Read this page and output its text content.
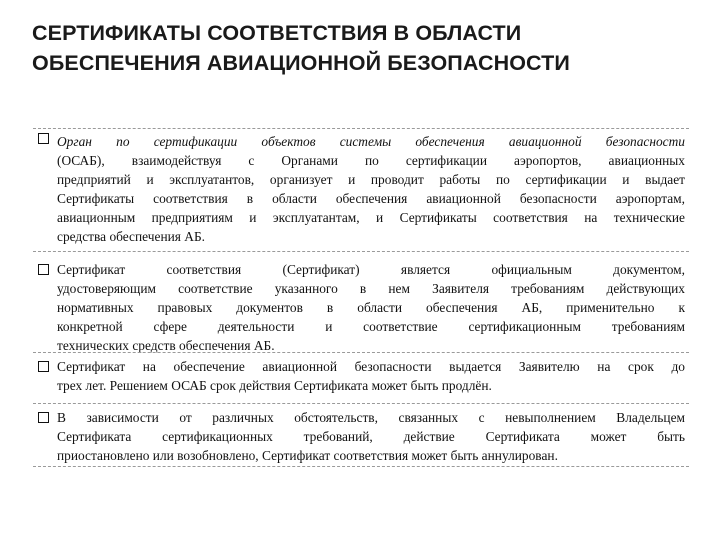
СЕРТИФИКАТЫ СООТВЕТСТВИЯ В ОБЛАСТИ
ОБЕСПЕЧЕНИЯ АВИАЦИОННОЙ БЕЗОПАСНОСТИ
Орган по сертификации объектов системы обеспечения авиационной безопасности
(ОСАБ), взаимодействуя с Органами по сертификации аэропортов, авиационных
предприятий и эксплуатантов, организует и проводит работы по сертификации и выдает
Сертификаты соответствия в области обеспечения авиационной безопасности аэропортам,
авиационным предприятиям и эксплуатантам, и Сертификаты соответствия на технические
средства обеспечения АБ.
Сертификат соответствия (Сертификат) является официальным документом,
удостоверяющим соответствие указанного в нем Заявителя требованиям действующих
нормативных правовых документов в области обеспечения АБ, применительно к
конкретной сфере деятельности и соответствие сертификационным требованиям
технических средств обеспечения АБ.
Сертификат на обеспечение авиационной безопасности выдается Заявителю на срок до
трех лет. Решением ОСАБ срок действия Сертификата может быть продлён.
В зависимости от различных обстоятельств, связанных с невыполнением Владельцем
Сертификата сертификационных требований, действие Сертификата может быть
приостановлено или возобновлено, Сертификат соответствия может быть аннулирован.
